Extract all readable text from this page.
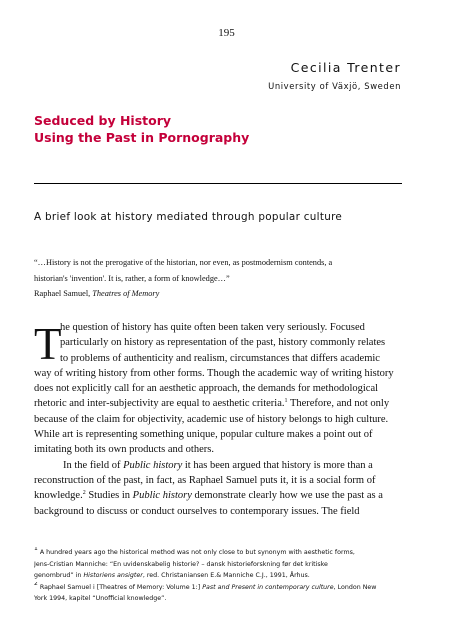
195
Cecilia Trenter
University of Växjö, Sweden
Seduced by History
Using the Past in Pornography
A brief look at history mediated through popular culture
“…History is not the prerogative of the historian, nor even, as postmodernism contends, a
historian's 'invention'. It is, rather, a form of knowledge…”
Raphael Samuel, Theatres of Memory
T
he question of history has quite often been taken very seriously. Focused
particularly on history as representation of the past, history commonly relates
to problems of authenticity and realism, circumstances that differs academic
way of writing history from other forms. Though the academic way of writing history
does not explicitly call for an aesthetic approach, the demands for methodological
rhetoric and inter-subjectivity are equal to aesthetic criteria.$^1$ Therefore, and not only
because of the claim for objectivity, academic use of history belongs to high culture.
While art is representing something unique, popular culture makes a point out of
imitating both its own products and others.
In the field of Public history it has been argued that history is more than a
reconstruction of the past, in fact, as Raphael Samuel puts it, it is a social form of
knowledge.$^2$ Studies in Public history demonstrate clearly how we use the past as a
background to discuss or conduct ourselves to contemporary issues. The field
$^1$ A hundred years ago the historical method was not only close to but synonym with aesthetic forms,
Jens-Cristian Manniche: “En uvidenskabelig historie? – dansk historieforskning før det kritiske
genombrud” in Historiens ansigter, red. Christaniansen E.& Manniche C.J., 1991, Århus.
$^2$ Raphael Samuel i [Theatres of Memory: Volume 1:] Past and Present in contemporary culture, London New
York 1994, kapitel “Unofficial knowledge”.
